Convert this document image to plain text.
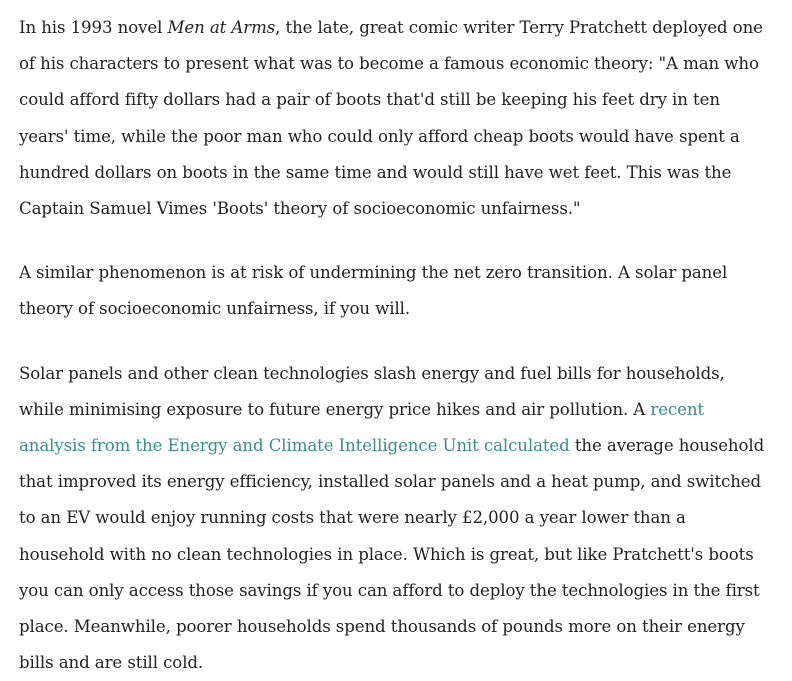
In his 1993 novel Men at Arms, the late, great comic writer Terry Pratchett deployed one of his characters to present what was to become a famous economic theory: "A man who could afford fifty dollars had a pair of boots that'd still be keeping his feet dry in ten years' time, while the poor man who could only afford cheap boots would have spent a hundred dollars on boots in the same time and would still have wet feet. This was the Captain Samuel Vimes 'Boots' theory of socioeconomic unfairness."

A similar phenomenon is at risk of undermining the net zero transition. A solar panel theory of socioeconomic unfairness, if you will.

Solar panels and other clean technologies slash energy and fuel bills for households, while minimising exposure to future energy price hikes and air pollution. A recent analysis from the Energy and Climate Intelligence Unit calculated the average household that improved its energy efficiency, installed solar panels and a heat pump, and switched to an EV would enjoy running costs that were nearly £2,000 a year lower than a household with no clean technologies in place. Which is great, but like Pratchett's boots you can only access those savings if you can afford to deploy the technologies in the first place. Meanwhile, poorer households spend thousands of pounds more on their energy bills and are still cold.
